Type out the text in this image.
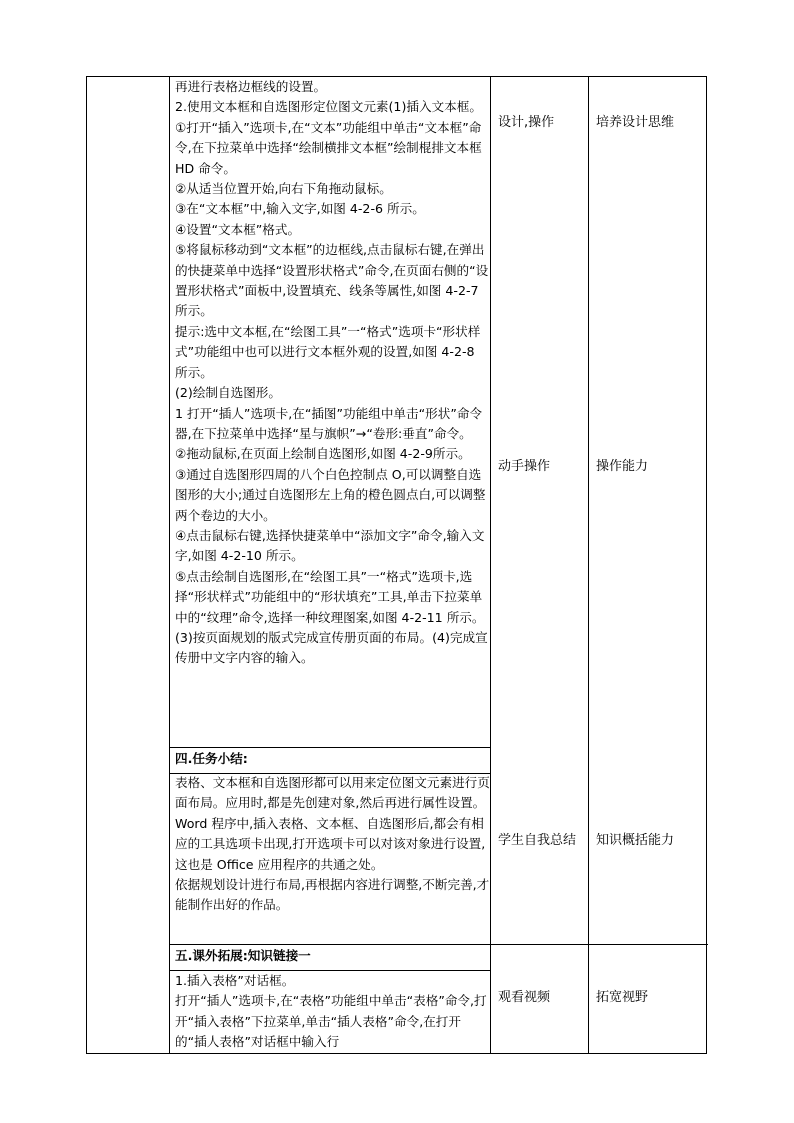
再进行表格边框线的设置。

2.使用文本框和自选图形定位图文元素(1)插入文本框。

①打开“插入”选项卡,在“文本”功能组中单击“文本框”命令,在下拉菜单中选择“绘制横排文本框”绘制棍排文本框 HD 命令。

②从适当位置开始,向右下角拖动鼠标。

③在“文本框”中,输入文字,如图 4-2-6 所示。

④设置“文本框”格式。

⑤将鼠标移动到“文本框”的边框线,点击鼠标右键,在弹出的快捷菜单中选择“设置形状格式”命令,在页面右侧的“设置形状格式”面板中,设置填充、线条等属性,如图 4-2-7 所示。

提示:选中文本框,在“绘图工具”一“格式”选项卡“形状样式”功能组中也可以进行文本框外观的设置,如图 4-2-8 所示。

(2)绘制自选图形。

1 打开“插人”选项卡,在“插图”功能组中单击“形状”命令器,在下拉菜单中选择“星与旗帜”→“卷形:垂直”命令。

②拖动鼠标,在页面上绘制自选图形,如图 4-2-9所示。

③通过自选图形四周的八个白色控制点 O,可以调整自选图形的大小;通过自选图形左上角的橙色圆点白,可以调整两个卷边的大小。

④点击鼠标右键,选择快捷菜单中“添加文字”命令,输入文字,如图 4-2-10 所示。

⑤点击绘制自选图形,在“绘图工具”一“格式”选项卡,选择“形状样式”功能组中的“形状填充”工具,单击下拉菜单中的“纹理”命令,选择一种纹理图案,如图 4-2-11 所示。

(3)按页面规划的版式完成宣传册页面的布局。(4)完成宣传册中文字内容的输入。

四.任务小结:

表格、文本框和自选图形都可以用来定位图文元素进行页面布局。应用时,都是先创建对象,然后再进行属性设置。Word 程序中,插入表格、文本框、自选图形后,都会有相应的工具选项卡出现,打开选项卡可以对该对象进行设置,这也是 Office 应用程序的共通之处。

依据规划设计进行布局,再根据内容进行调整,不断完善,才能制作出好的作品。

五.课外拓展:知识链接一

1.插入表格”对话框。

打开“插人”选项卡,在“表格”功能组中单击“表格”命令,打开“插入表格”下拉菜单,单击“插人表格”命令,在打开的“插人表格”对话框中输入行

设计,操作	培养设计思维
动手操作	操作能力
学生自我总结 知识概括能力
观看视频	拓宽视野
